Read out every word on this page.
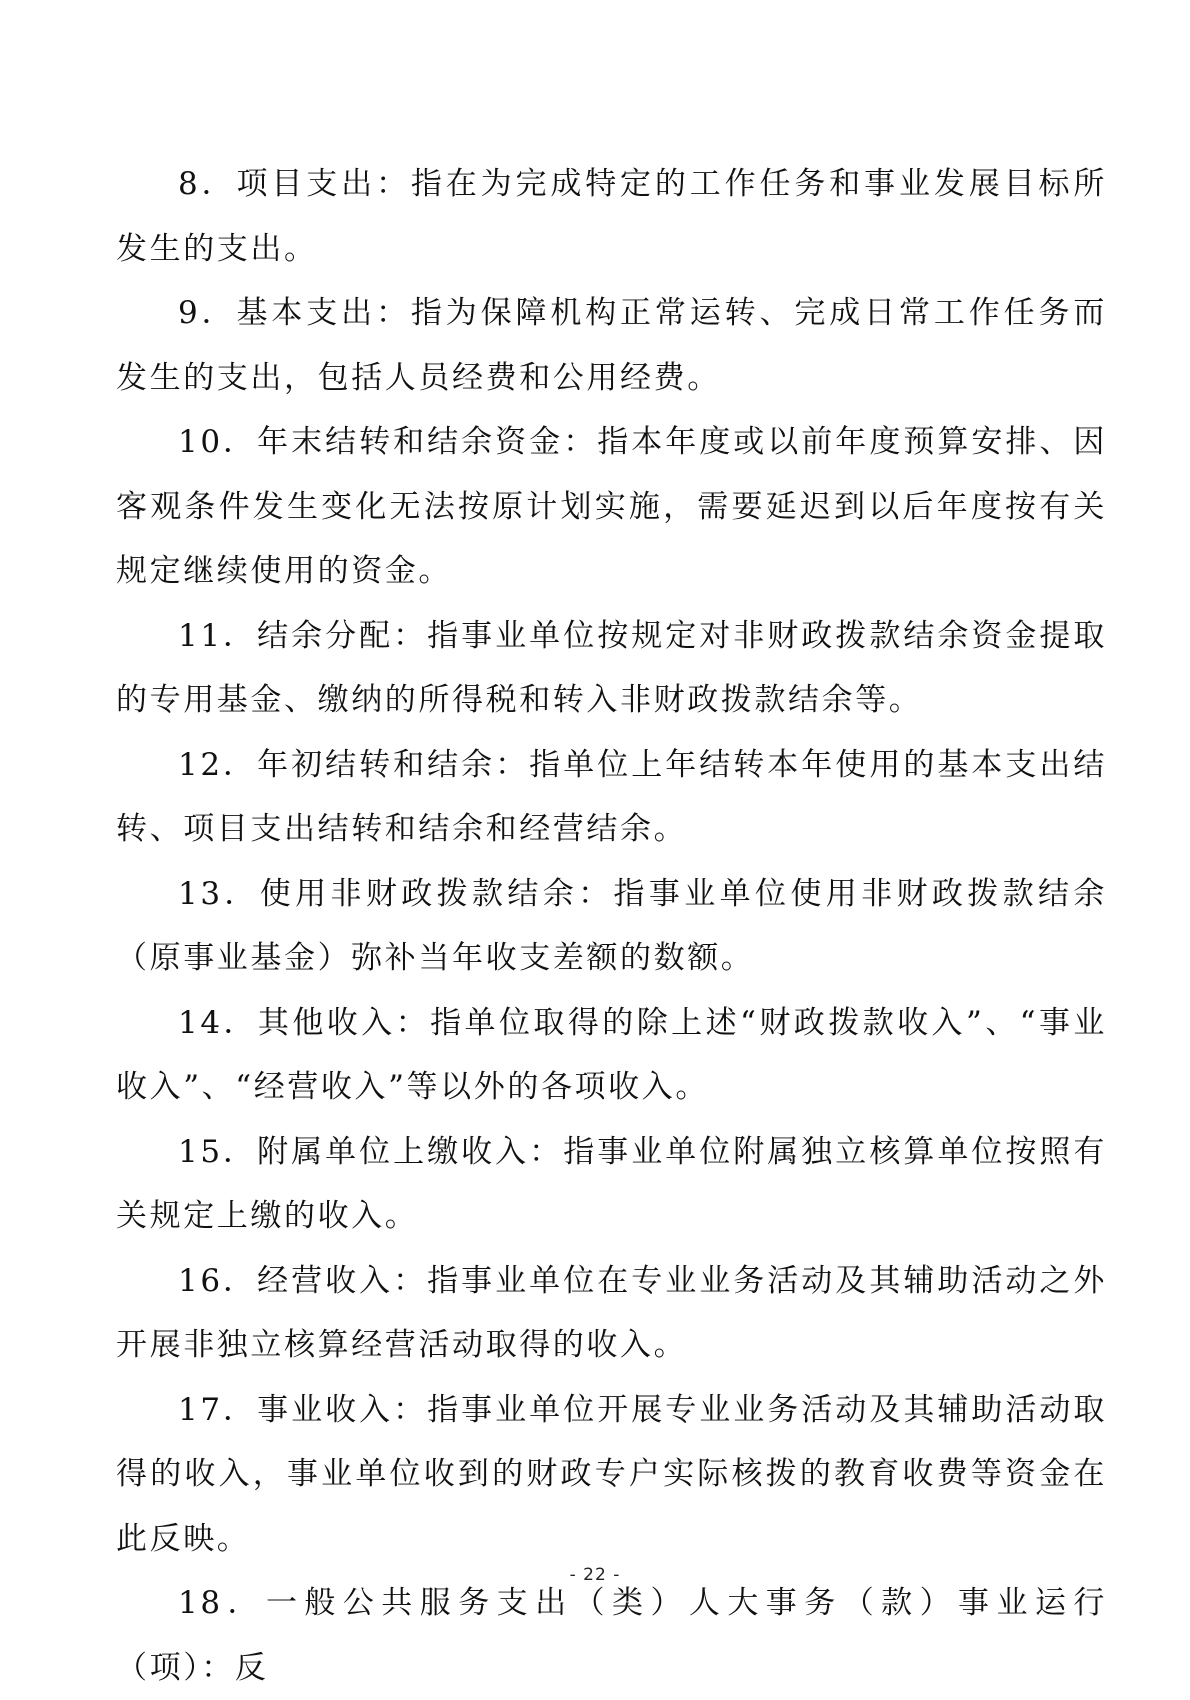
8．项目支出：指在为完成特定的工作任务和事业发展目标所发生的支出。

9．基本支出：指为保障机构正常运转、完成日常工作任务而发生的支出，包括人员经费和公用经费。

10．年末结转和结余资金：指本年度或以前年度预算安排、因客观条件发生变化无法按原计划实施，需要延迟到以后年度按有关规定继续使用的资金。

11．结余分配：指事业单位按规定对非财政拨款结余资金提取的专用基金、缴纳的所得税和转入非财政拨款结余等。

12．年初结转和结余：指单位上年结转本年使用的基本支出结转、项目支出结转和结余和经营结余。

13．使用非财政拨款结余：指事业单位使用非财政拨款结余（原事业基金）弥补当年收支差额的数额。

14．其他收入：指单位取得的除上述“财政拨款收入”、“事业收入”、“经营收入”等以外的各项收入。

15．附属单位上缴收入：指事业单位附属独立核算单位按照有关规定上缴的收入。

16．经营收入：指事业单位在专业业务活动及其辅助活动之外开展非独立核算经营活动取得的收入。

17．事业收入：指事业单位开展专业业务活动及其辅助活动取得的收入，事业单位收到的财政专户实际核拨的教育收费等资金在此反映。

18．一般公共服务支出（类）人大事务（款）事业运行（项）：反

- 22 -
